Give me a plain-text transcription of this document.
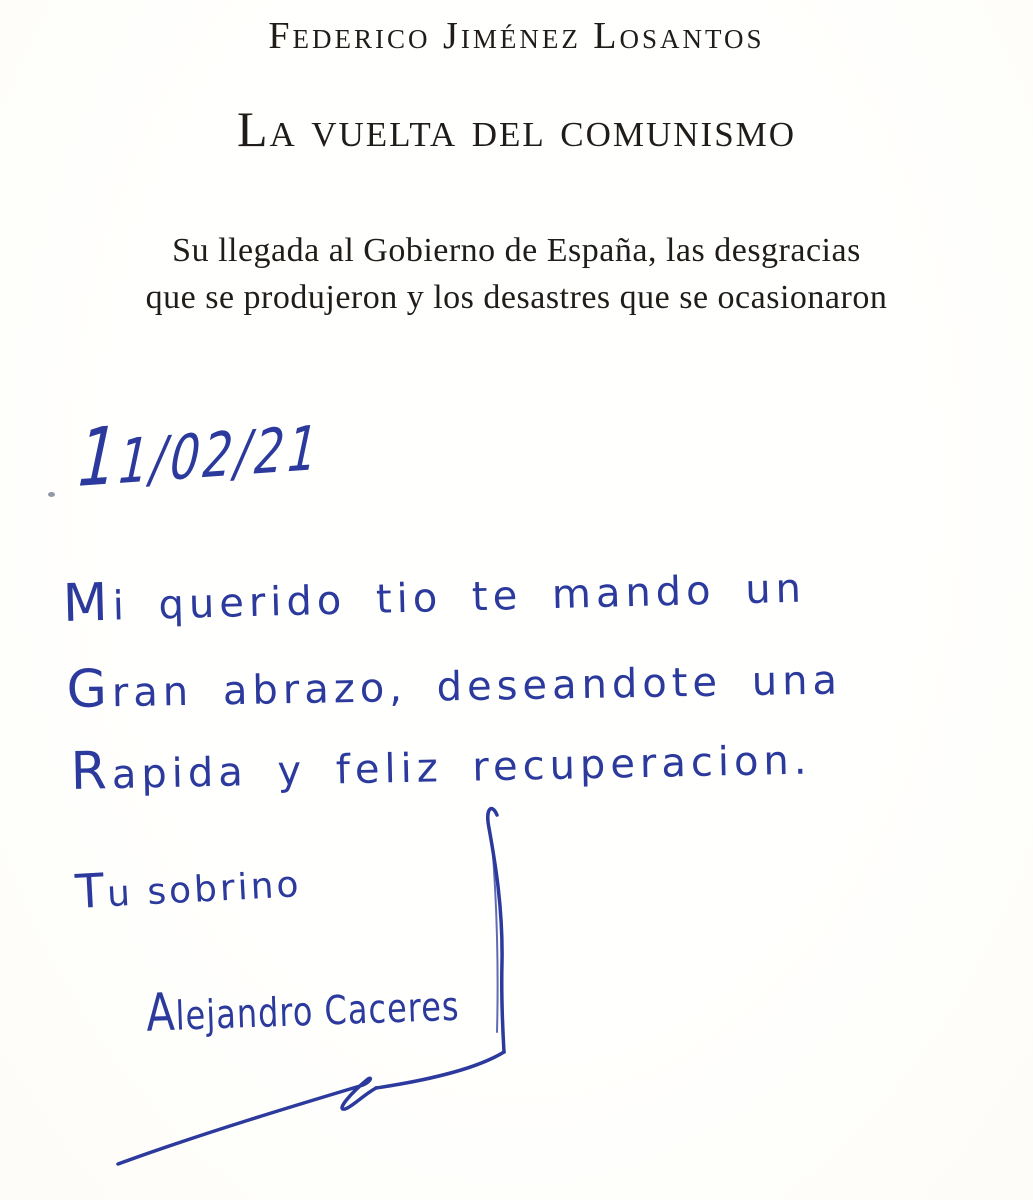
Federico Jiménez Losantos
La vuelta del comunismo
Su llegada al Gobierno de España, las desgracias
que se produjeron y los desastres que se ocasionaron
11/02/21
Mi querido tio te mando un
Gran abrazo, deseandote una
Rapida y feliz recuperacion.
Tu sobrino
Alejandro Caceres
